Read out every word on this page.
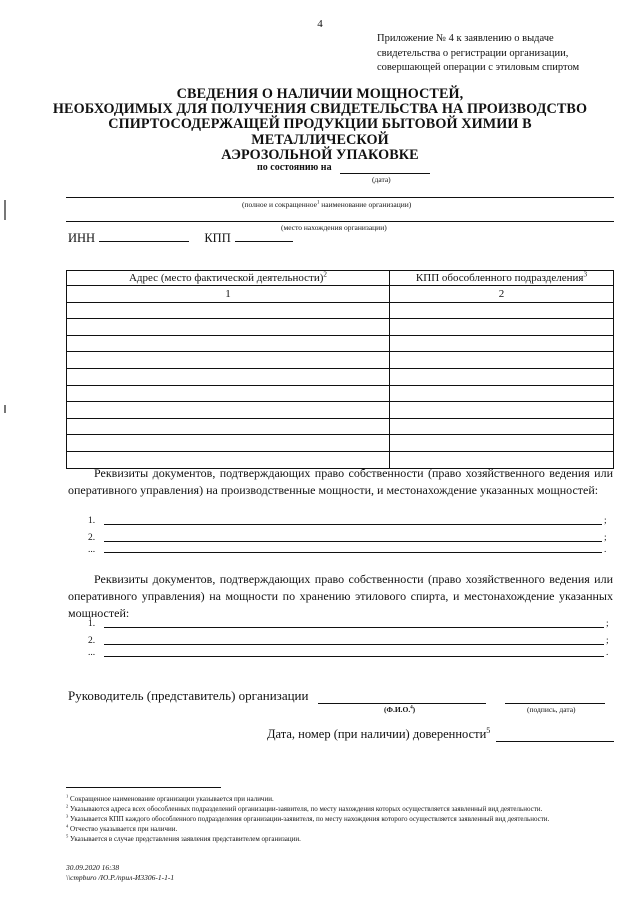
4
Приложение № 4 к заявлению о выдаче
свидетельства о регистрации организации,
совершающей операции с этиловым спиртом
СВЕДЕНИЯ О НАЛИЧИИ МОЩНОСТЕЙ,
НЕОБХОДИМЫХ ДЛЯ ПОЛУЧЕНИЯ СВИДЕТЕЛЬСТВА НА ПРОИЗВОДСТВО
СПИРТОСОДЕРЖАЩЕЙ ПРОДУКЦИИ БЫТОВОЙ ХИМИИ В МЕТАЛЛИЧЕСКОЙ
АЭРОЗОЛЬНОЙ УПАКОВКЕ
по состоянию на
(дата)
(полное и сокращенное$^1$ наименование организации)
(место нахождения организации)
ИНН	КПП
Адрес (место фактической деятельности)$^2$	КПП обособленного подразделения$^3$
1	2

Реквизиты документов, подтверждающих право собственности (право хозяйственного ведения или оперативного управления) на производственные мощности, и местонахождение указанных мощностей:
1.	;
2.	;
...	.
Реквизиты документов, подтверждающих право собственности (право хозяйственного ведения или оперативного управления) на мощности по хранению этилового спирта, и местонахождение указанных мощностей:
1.	;
2.	;
...	.
Руководитель (представитель) организации
(Ф.И.О.$^4$)	(подпись, дата)
Дата, номер (при наличии) доверенности$^5$

$^1$ Сокращенное наименование организации указывается при наличии.

$^2$ Указываются адреса всех обособленных подразделений организации-заявителя, по месту нахождения которых осуществляется заявленный вид деятельности.

$^3$ Указывается КПП каждого обособленного подразделения организации-заявителя, по месту нахождения которого осуществляется заявленный вид деятельности.

$^4$ Отчество указывается при наличии.

$^5$ Указывается в случае представления заявления представителем организации.

30.09.2020 16:38
\\cmpburo /Ю.Р./прил-И3306-1-1-1
